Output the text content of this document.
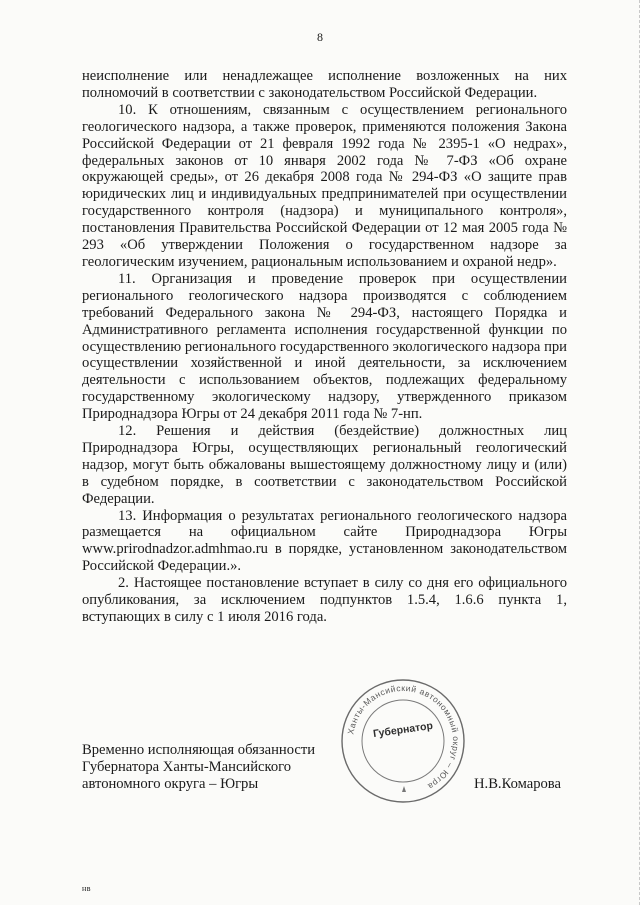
8

неисполнение или ненадлежащее исполнение возложенных на них полномочий в соответствии с законодательством Российской Федерации.

10. К отношениям, связанным с осуществлением регионального геологического надзора, а также проверок, применяются положения Закона Российской Федерации от 21 февраля 1992 года № 2395-1 «О недрах», федеральных законов от 10 января 2002 года № 7-ФЗ «Об охране окружающей среды», от 26 декабря 2008 года № 294-ФЗ «О защите прав юридических лиц и индивидуальных предпринимателей при осуществлении государственного контроля (надзора) и муниципального контроля», постановления Правительства Российской Федерации от 12 мая 2005 года № 293 «Об утверждении Положения о государственном надзоре за геологическим изучением, рациональным использованием и охраной недр».

11. Организация и проведение проверок при осуществлении регионального геологического надзора производятся с соблюдением требований Федерального закона № 294-ФЗ, настоящего Порядка и Административного регламента исполнения государственной функции по осуществлению регионального государственного экологического надзора при осуществлении хозяйственной и иной деятельности, за исключением деятельности с использованием объектов, подлежащих федеральному государственному экологическому надзору, утвержденного приказом Природнадзора Югры от 24 декабря 2011 года № 7-нп.

12. Решения и действия (бездействие) должностных лиц Природнадзора Югры, осуществляющих региональный геологический надзор, могут быть обжалованы вышестоящему должностному лицу и (или) в судебном порядке, в соответствии с законодательством Российской Федерации.

13. Информация о результатах регионального геологического надзора размещается на официальном сайте Природнадзора Югры www.prirodnadzor.admhmao.ru в порядке, установленном законодательством Российской Федерации.».

2. Настоящее постановление вступает в силу со дня его официального опубликования, за исключением подпунктов 1.5.4, 1.6.6 пункта 1, вступающих в силу с 1 июля 2016 года.

Ханты-Мансийский автономный округ – Югра
Губернатор
Временно исполняющая обязанности
Губернатора Ханты-Мансийского
автономного округа – Югры	Н.В.Комарова
нв
